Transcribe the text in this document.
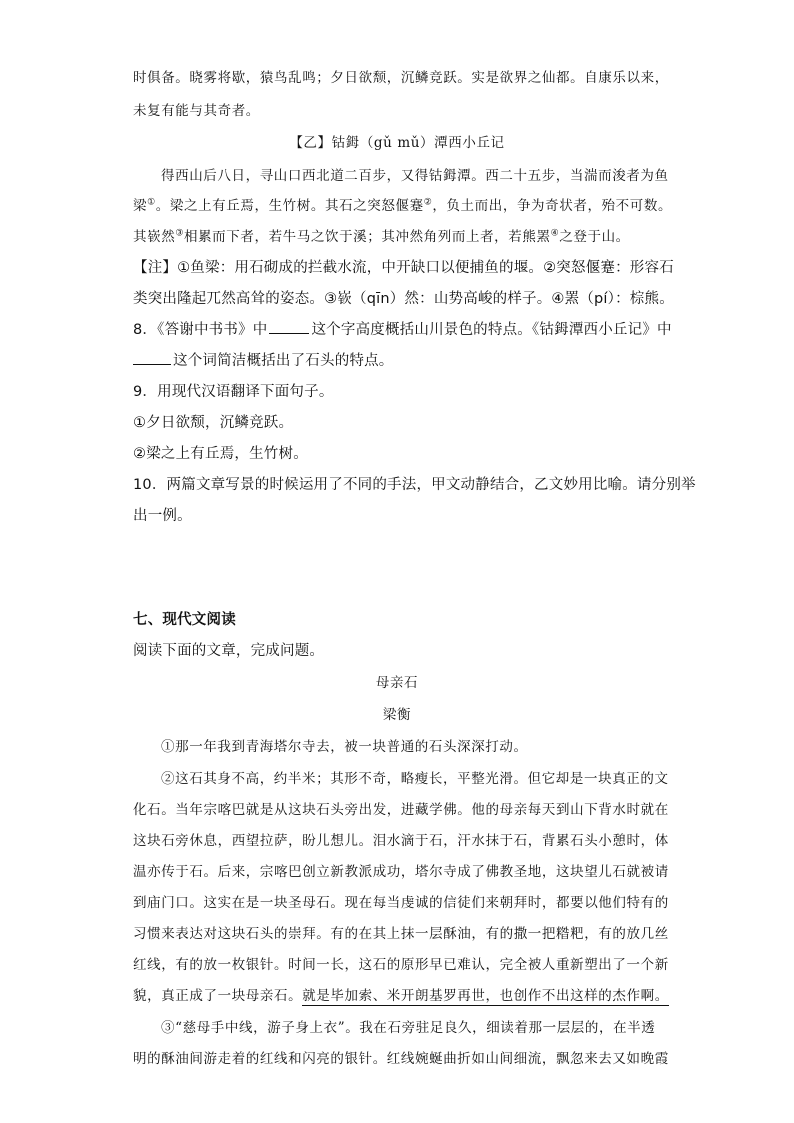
时俱备。晓雾将歇，猿鸟乱鸣；夕日欲颓，沉鳞竞跃。实是欲界之仙都。自康乐以来，
未复有能与其奇者。
【乙】钴鉧（gǔ mǔ）潭西小丘记
得西山后八日，寻山口西北道二百步，又得钴鉧潭。西二十五步，当湍而浚者为鱼
梁①。梁之上有丘焉，生竹树。其石之突怒偃蹇②，负土而出，争为奇状者，殆不可数。
其嵚然③相累而下者，若牛马之饮于溪；其冲然角列而上者，若熊罴④之登于山。
【注】①鱼梁：用石砌成的拦截水流，中开缺口以便捕鱼的堰。②突怒偃蹇：形容石
类突出隆起兀然高耸的姿态。③嵚（qīn）然：山势高峻的样子。④罴（pí）：棕熊。
8．《答谢中书书》中	这个字高度概括山川景色的特点。《钴鉧潭西小丘记》中
这个词简洁概括出了石头的特点。
9．用现代汉语翻译下面句子。
①夕日欲颓，沉鳞竞跃。
②梁之上有丘焉，生竹树。
10．两篇文章写景的时候运用了不同的手法，甲文动静结合，乙文妙用比喻。请分别举
出一例。
七、现代文阅读
阅读下面的文章，完成问题。
母亲石
梁衡
①那一年我到青海塔尔寺去，被一块普通的石头深深打动。
②这石其身不高，约半米；其形不奇，略瘦长，平整光滑。但它却是一块真正的文
化石。当年宗喀巴就是从这块石头旁出发，进藏学佛。他的母亲每天到山下背水时就在
这块石旁休息，西望拉萨，盼儿想儿。泪水滴于石，汗水抹于石，背累石头小憩时，体
温亦传于石。后来，宗喀巴创立新教派成功，塔尔寺成了佛教圣地，这块望儿石就被请
到庙门口。这实在是一块圣母石。现在每当虔诚的信徒们来朝拜时，都要以他们特有的
习惯来表达对这块石头的崇拜。有的在其上抹一层酥油，有的撒一把糌粑，有的放几丝
红线，有的放一枚银针。时间一长，这石的原形早已难认，完全被人重新塑出了一个新
貌，真正成了一块母亲石。就是毕加索、米开朗基罗再世，也创作不出这样的杰作啊。
③“慈母手中线，游子身上衣”。我在石旁驻足良久，细读着那一层层的，在半透
明的酥油间游走着的红线和闪亮的银针。红线婉蜒曲折如山间细流，飘忽来去又如晚霞
